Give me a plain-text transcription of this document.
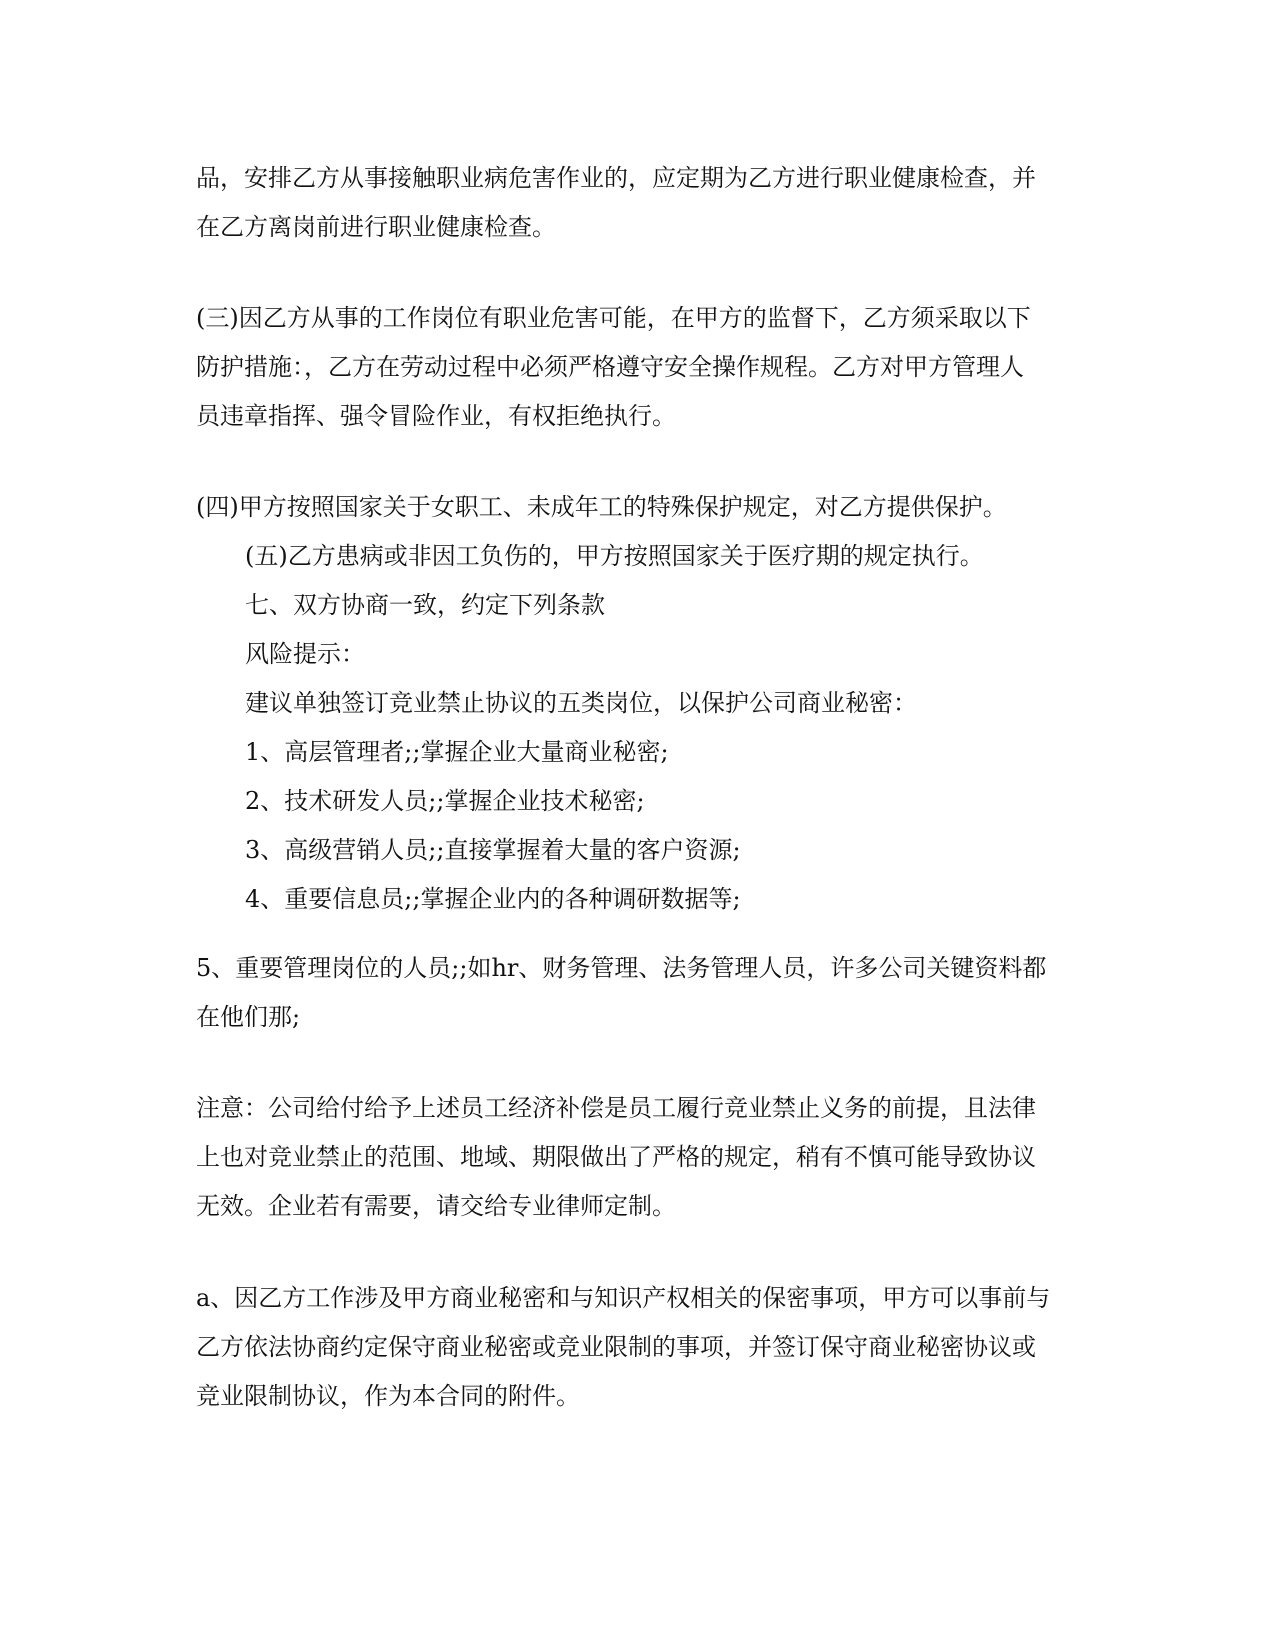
品，安排乙方从事接触职业病危害作业的，应定期为乙方进行职业健康检查，并
在乙方离岗前进行职业健康检查。
(三)因乙方从事的工作岗位有职业危害可能，在甲方的监督下，乙方须采取以下
防护措施：，乙方在劳动过程中必须严格遵守安全操作规程。乙方对甲方管理人
员违章指挥、强令冒险作业，有权拒绝执行。
(四)甲方按照国家关于女职工、未成年工的特殊保护规定，对乙方提供保护。
(五)乙方患病或非因工负伤的，甲方按照国家关于医疗期的规定执行。
七、双方协商一致，约定下列条款
风险提示：
建议单独签订竞业禁止协议的五类岗位，以保护公司商业秘密：
1、高层管理者;;掌握企业大量商业秘密;
2、技术研发人员;;掌握企业技术秘密;
3、高级营销人员;;直接掌握着大量的客户资源;
4、重要信息员;;掌握企业内的各种调研数据等;
5、重要管理岗位的人员;;如hr、财务管理、法务管理人员，许多公司关键资料都
在他们那;
注意：公司给付给予上述员工经济补偿是员工履行竞业禁止义务的前提，且法律
上也对竞业禁止的范围、地域、期限做出了严格的规定，稍有不慎可能导致协议
无效。企业若有需要，请交给专业律师定制。
a、因乙方工作涉及甲方商业秘密和与知识产权相关的保密事项，甲方可以事前与
乙方依法协商约定保守商业秘密或竞业限制的事项，并签订保守商业秘密协议或
竞业限制协议，作为本合同的附件。
